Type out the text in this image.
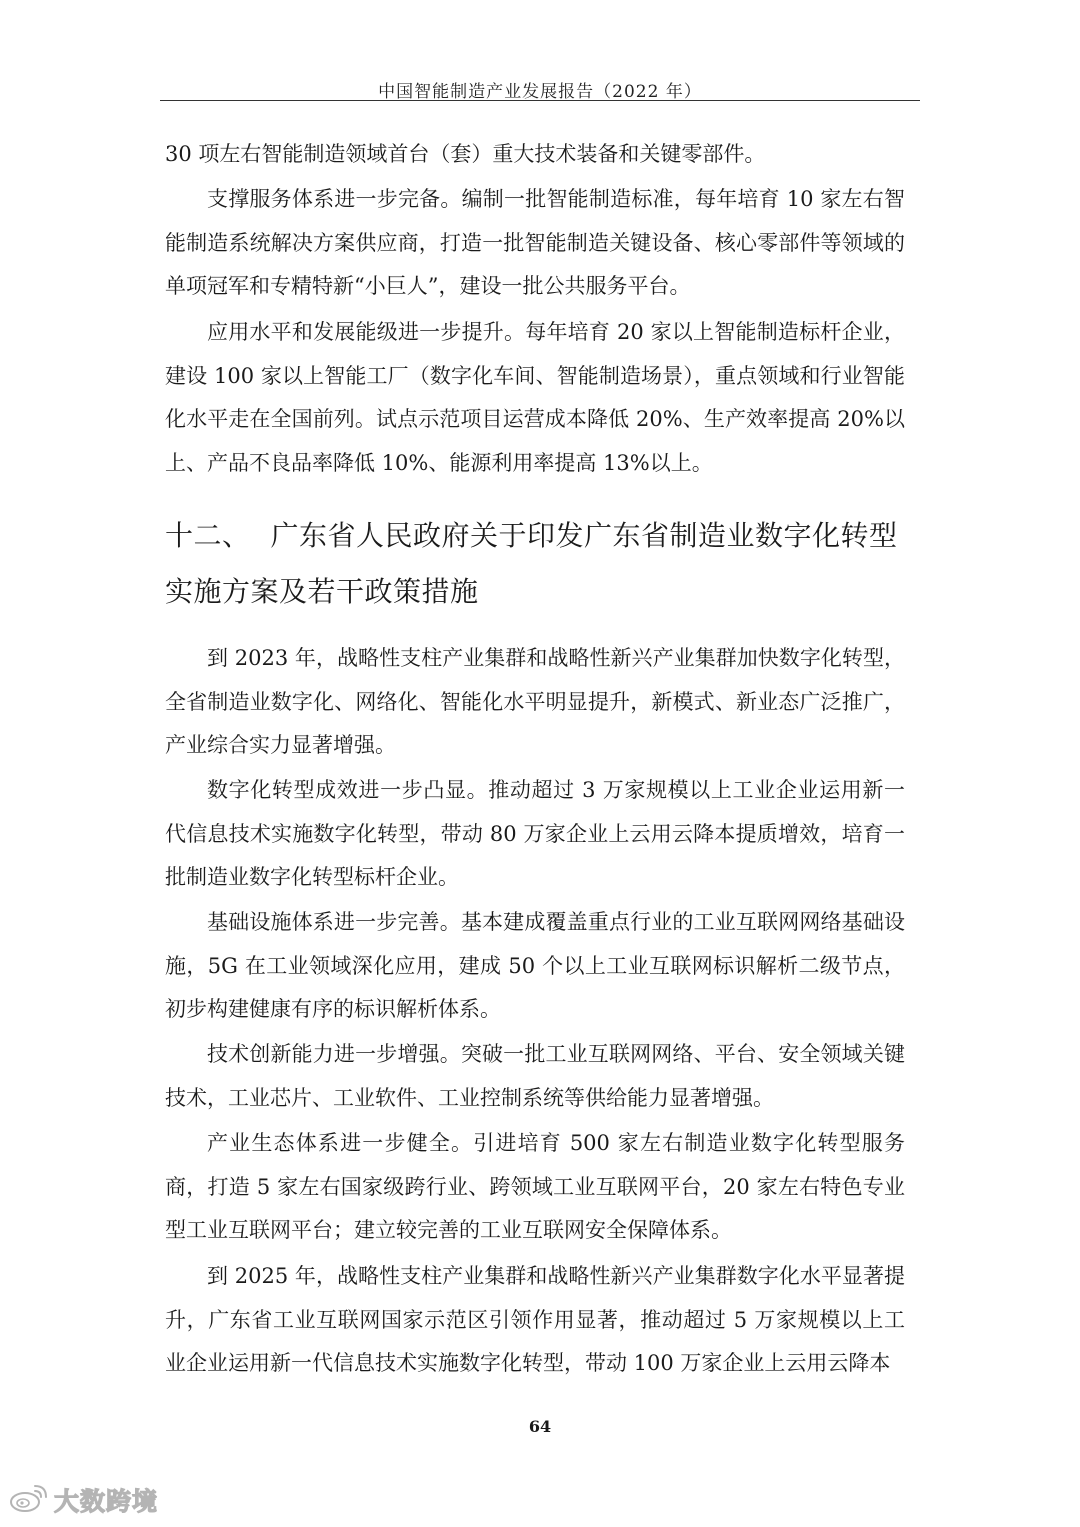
中国智能制造产业发展报告（2022 年）

30 项左右智能制造领域首台（套）重大技术装备和关键零部件。

支撑服务体系进一步完备。编制一批智能制造标准，每年培育 10 家左右智能制造系统解决方案供应商，打造一批智能制造关键设备、核心零部件等领域的单项冠军和专精特新“小巨人”，建设一批公共服务平台。

应用水平和发展能级进一步提升。每年培育 20 家以上智能制造标杆企业，建设 100 家以上智能工厂（数字化车间、智能制造场景），重点领域和行业智能化水平走在全国前列。试点示范项目运营成本降低 20%、生产效率提高 20%以上、产品不良品率降低 10%、能源利用率提高 13%以上。

十二、 广东省人民政府关于印发广东省制造业数字化转型实施方案及若干政策措施

到 2023 年，战略性支柱产业集群和战略性新兴产业集群加快数字化转型，全省制造业数字化、网络化、智能化水平明显提升，新模式、新业态广泛推广，产业综合实力显著增强。

数字化转型成效进一步凸显。推动超过 3 万家规模以上工业企业运用新一代信息技术实施数字化转型，带动 80 万家企业上云用云降本提质增效，培育一批制造业数字化转型标杆企业。

基础设施体系进一步完善。基本建成覆盖重点行业的工业互联网网络基础设施，5G 在工业领域深化应用，建成 50 个以上工业互联网标识解析二级节点，初步构建健康有序的标识解析体系。

技术创新能力进一步增强。突破一批工业互联网网络、平台、安全领域关键技术，工业芯片、工业软件、工业控制系统等供给能力显著增强。

产业生态体系进一步健全。引进培育 500 家左右制造业数字化转型服务商，打造 5 家左右国家级跨行业、跨领域工业互联网平台，20 家左右特色专业型工业互联网平台；建立较完善的工业互联网安全保障体系。

到 2025 年，战略性支柱产业集群和战略性新兴产业集群数字化水平显著提升，广东省工业互联网国家示范区引领作用显著，推动超过 5 万家规模以上工业企业运用新一代信息技术实施数字化转型，带动 100 万家企业上云用云降本

64
大数跨境
